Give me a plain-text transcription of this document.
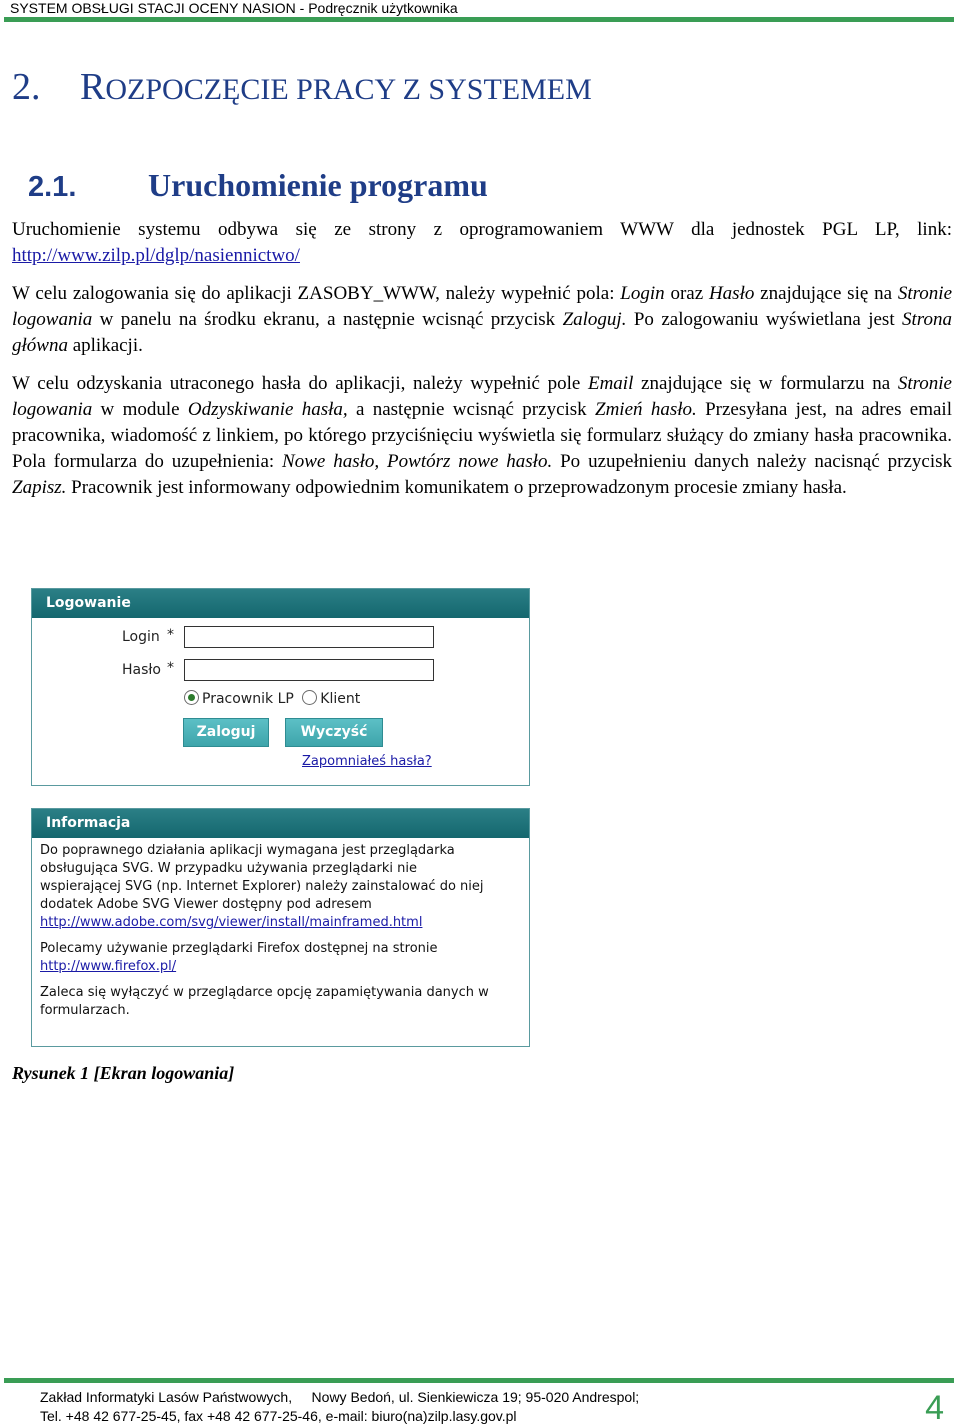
SYSTEM OBSŁUGI STACJI OCENY NASION - Podręcznik użytkownika
2. ROZPOCZĘCIE PRACY Z SYSTEMEM
2.1. Uruchomienie programu
Uruchomienie systemu odbywa się ze strony z oprogramowaniem WWW dla jednostek PGL LP, link: http://www.zilp.pl/dglp/nasiennictwo/
W celu zalogowania się do aplikacji ZASOBY_WWW, należy wypełnić pola: Login oraz Hasło znajdujące się na Stronie logowania w panelu na środku ekranu, a następnie wcisnąć przycisk Zaloguj. Po zalogowaniu wyświetlana jest Strona główna aplikacji.
W celu odzyskania utraconego hasła do aplikacji, należy wypełnić pole Email znajdujące się w formularzu na Stronie logowania w module Odzyskiwanie hasła, a następnie wcisnąć przycisk Zmień hasło. Przesyłana jest, na adres email pracownika, wiadomość z linkiem, po którego przyciśnięciu wyświetla się formularz służący do zmiany hasła pracownika. Pola formularza do uzupełnienia: Nowe hasło, Powtórz nowe hasło. Po uzupełnieniu danych należy nacisnąć przycisk Zapisz. Pracownik jest informowany odpowiednim komunikatem o przeprowadzonym procesie zmiany hasła.
Logowanie
Login *
Hasło *
Pracownik LP Klient
Zaloguj	Wyczyść
Zapomniałeś hasła?
Informacja
Do poprawnego działania aplikacji wymagana jest przeglądarka
obsługująca SVG. W przypadku używania przeglądarki nie
wspierającej SVG (np. Internet Explorer) należy zainstalować do niej
dodatek Adobe SVG Viewer dostępny pod adresem
http://www.adobe.com/svg/viewer/install/mainframed.html
Polecamy używanie przeglądarki Firefox dostępnej na stronie
http://www.firefox.pl/
Zaleca się wyłączyć w przeglądarce opcję zapamiętywania danych w
formularzach.
Rysunek 1 [Ekran logowania]
Zakład Informatyki Lasów Państwowych,     Nowy Bedoń, ul. Sienkiewicza 19; 95-020 Andrespol;
Tel. +48 42 677-25-45, fax +48 42 677-25-46, e-mail: biuro(na)zilp.lasy.gov.pl	4
